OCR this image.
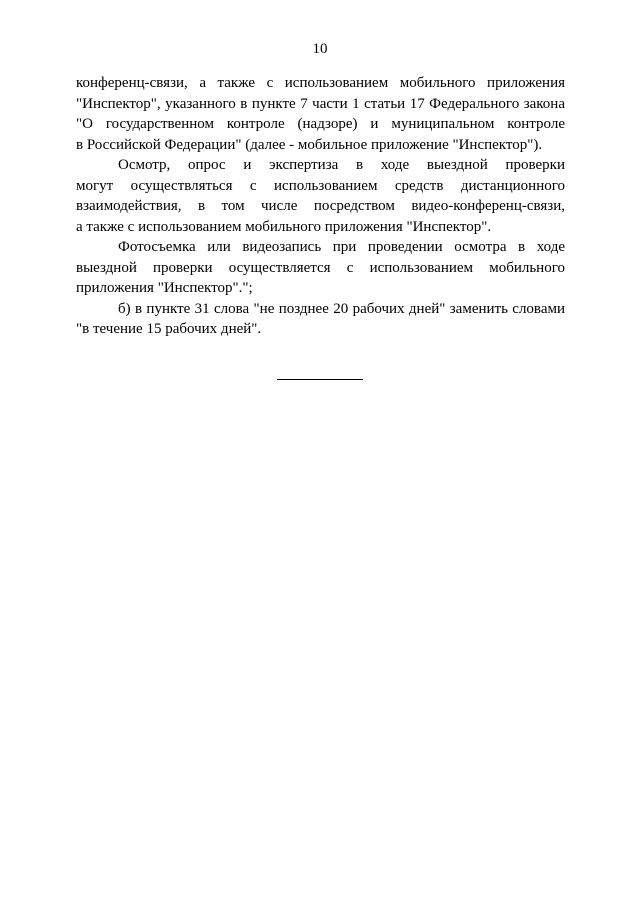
10

конференц-связи, а также с использованием мобильного приложения
"Инспектор", указанного в пункте 7 части 1 статьи 17 Федерального закона
"О государственном контроле (надзоре) и муниципальном контроле
в Российской Федерации" (далее - мобильное приложение "Инспектор").

Осмотр, опрос и экспертиза в ходе выездной проверки
могут осуществляться с использованием средств дистанционного
взаимодействия, в том числе посредством видео-конференц-связи,
а также с использованием мобильного приложения "Инспектор".

Фотосъемка или видеозапись при проведении осмотра в ходе
выездной проверки осуществляется с использованием мобильного
приложения "Инспектор".";

б) в пункте 31 слова "не позднее 20 рабочих дней" заменить словами
"в течение 15 рабочих дней".
